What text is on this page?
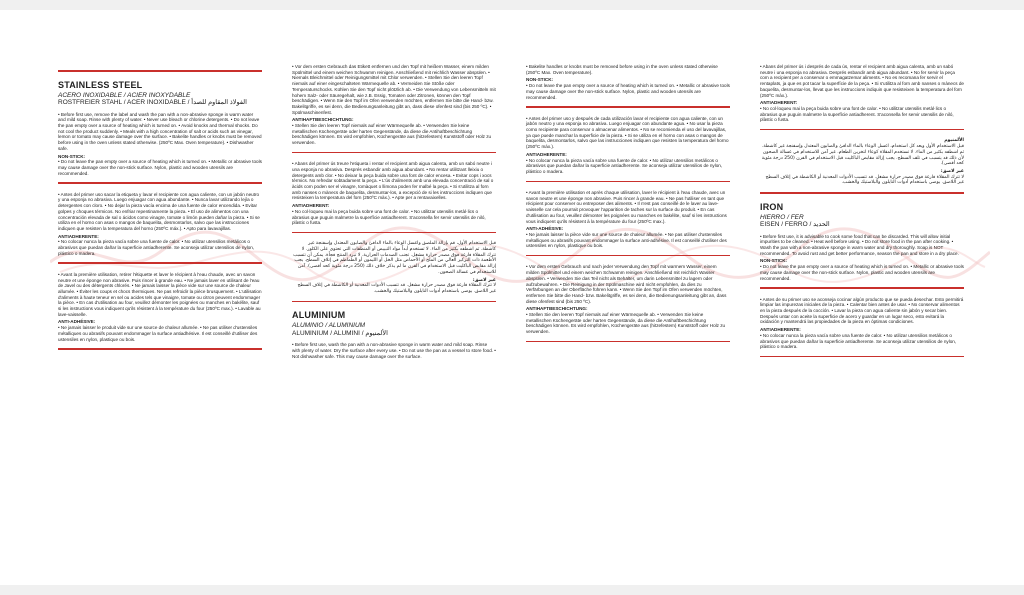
STAINLESS STEEL
ACERO INOXIDABLE / ACIER INOXYDABLE
ROSTFREIER STAHL / ACER INOXIDABLE / الفولاذ المقاوم للصدأ

• Before first use, remove the label and wash the pan with a non-abrasive sponge in warm water and mild soap. Rinse with plenty of water. • Never use bleach or chlorine detergents. • Do not leave the pan empty over a source of heating which is turned on. • Avoid knocks and thermal shocks. Do not cool the product suddenly. • Meals with a high concentration of salt or acids such as vinegar, lemon or tomato may cause damage over the surface. • Bakelite handles or knobs must be removed before using in the oven unless stated otherwise. (250ºC Max. Oven temperature). • Dishwasher safe.

NON-STICK:

• Do not leave the pan empty over a source of heating which is turned on. • Metallic or abrasive tools may cause damage over the non-stick surface. Nylon, plastic and wooden utensils are recommended.

• Antes del primer uso sacar la etiqueta y lavar el recipiente con agua caliente, con un jabón neutro y una esponja no abrasiva. Luego enjuagar con agua abundante. • Nunca lavar utilizando lejía o detergentes con cloro. • No dejar la pieza vacía encima de una fuente de calor encendida. • Evitar golpes y choques térmicos. No enfriar repentinamente la pieza. • El uso de alimentos con una concentración elevada de sal o ácidos como vinagre, tomate o limón pueden dañar la pieza. • Si se utiliza en el horno con asas o mangos de baquelita, desmontarlos, salvo que las instrucciones indiquen que resisten la temperatura del horno (250ºC máx.). • Apto para lavavajillas.

ANTIADHERENTE:

• No colocar nunca la pieza vacía sobre una fuente de calor. • No utilizar utensilios metálicos o abrasivos que puedan dañar la superficie antiadherente. Se aconseja utilizar utensilios de nylon, plástico o madera.

• Avant la première utilisation, retirer l'étiquette et laver le récipient à l'eau chaude, avec un savon neutre et une éponge non abrasive. Puis rincer à grande eau. • Ne jamais laver en utilisant de l'eau de Javel ou des détergents chlorés. • Ne jamais laisser la pièce vide sur une source de chaleur allumée. • Éviter les coups et chocs thermiques. Ne pas refroidir la pièce brusquement. • L'utilisation d'aliments à haute teneur en sel ou acides tels que vinaigre, tomate ou citron peuvent endommager la pièce. • En cas d'utilisation au four, veuillez démonter les poignées ou manches en bakélite, sauf si les instructions vous indiquent qu'ils résistent à la température du four (250ºC max.). • Lavable au lave-vaisselle.

ANTI-ADHÉSIVE:

• Ne jamais laisser le produit vide sur une source de chaleur allumée. • Ne pas utiliser d'ustensiles métalliques ou abrasifs pouvant endommager la surface antiadhésive. Il est conseillé d'utiliser des ustensiles en nylon, plastique ou bois.

• Vor dem ersten Gebrauch das Etikett entfernen und den Topf mit heißem Wasser, einem milden Spülmittel und einem weichen Schwamm reinigen. Anschließend mit reichlich Wasser abspülen. • Niemals Bleichmittel oder Reinigungsmittel mit Chlor verwenden. • Stellen Sie den leeren Topf niemals auf einer eingeschalteten Wärmequelle ab. • Vermeiden Sie Stöße oder Temperaturschocks. Kühlen Sie den Topf nicht plötzlich ab. • Die Verwendung von Lebensmitteln mit hohem Salz- oder Säuregehalt, wie z.B. Essig, Tomaten oder Zitronen, können den Topf beschädigen. • Wenn Sie den Topf im Ofen verwenden möchten, entfernen Sie bitte die Hand- bzw. Bakelitgriffe, es sei denn, die Bedienungsanleitung gibt an, dass diese ofenfest sind (bis 250 ºC). • Spülmaschinenfest.

ANTIHAFTBESCHICHTUNG:

• Stellen Sie den leeren Topf niemals auf einer Wärmequelle ab. • Verwenden Sie keine metallischen Küchengeräte oder harten Gegenstände, da diese die Antihaftbeschichtung beschädigen können. Es wird empfohlen, Küchengeräte aus (hitzefestem) Kunststoff oder Holz zu verwenden.

• Abans del primer ús treure l'etiqueta i rentar el recipient amb aigua calenta, amb un sabó neutre i una esponja no abrasiva. Després esbandir amb aigua abundant. • No rentar utilitzant lleixiu o detergents amb clor. • No deixar la peça buida sobre una font de calor encesa. • Evitar cops i xocs tèrmics. No refredar sobtadament la peça. • L'ús d'aliments amb una elevada concentració de sal o àcids com poden ser el vinagre, tomàquet o llimona poden fer malbé la peça. • Si s'utilitza al forn amb nanses o mànecs de baquelita, desmuntar-los, a excepció de si les instruccions indiquen que resisteixen la temperatura del forn (250ºC màx.). • Apte per a rentavaixelles.

ANTIADHERENT:

• No col·loqueu mai la peça buida sobre una font de calor. • No utilitzar utensilis metàl·lics o abrasius que puguin malmetre la superfície antiadherent. S'aconsella fer servir utensilis de niló, plàstic o fusta.

قبل الاستخدام الأول، قم بإزالة الملصق واغسل الوعاء بالماء الدافئ والصابون المعتدل وإسفنجة غير كاشطة. ثم اشطفه بكثير من الماء. لا تستخدم أبداً مواد التبييض أو المنظفات التي تحتوي على الكلور. لا تترك المقلاة فارغة فوق مصدر حرارة مشغل. تجنب الصدمات الحرارية. لا تبرد المنتج فجأة. يمكن أن تتسبب الأطعمة ذات التركيز العالي من الملح أو الأحماض مثل الخل أو الليمون أو الطماطم في إتلاف السطح. يجب إزالة مقابض الباكليت قبل الاستخدام في الفرن ما لم يذكر خلاف ذلك (250 درجة مئوية كحد أقصى). آمن للاستخدام في غسالة الصحون.

غير لاصق:

لا تترك المقلاة فارغة فوق مصدر حرارة مشغل. قد تتسبب الأدوات المعدنية أو الكاشطة في إتلاف السطح غير اللاصق. يوصى باستخدام أدوات النايلون والبلاستيك والخشب.

ALUMINIUM
ALUMINIO / ALUMINIUM
ALUMINIUM / ALUMINI / الألمنيوم

• Before first use, wash the pan with a non-abrasive sponge in warm water and mild soap. Rinse with plenty of water. Dry the surface after every use. • Do not use the pan as a vessel to store food. • Not dishwasher safe. This may cause damage over the surface.

• Bakelite handles or knobs must be removed before using in the oven unless stated otherwise (250ºC Max. Oven temperature).

NON-STICK:

• Do not leave the pan empty over a source of heating which is turned on. • Metallic or abrasive tools may cause damage over the non-stick surface. Nylon, plastic and wooden utensils are recommended.

• Antes del primer uso y después de cada utilización lavar el recipiente con agua caliente, con un jabón neutro y una esponja no abrasiva. Luego enjuagar con abundante agua. • No usar la pieza como recipiente para conservar o almacenar alimentos. • No se recomienda el uso del lavavajillas, ya que puede manchar la superficie de la pieza. • Si se utiliza en el horno con asas o mangos de baquelita, desmontarlos, salvo que las instrucciones indiquen que resisten la temperatura del horno (250ºC máx.).

ANTIADHERENTE:

• No colocar nunca la pieza vacía sobre una fuente de calor. • No utilizar utensilios metálicos o abrasivos que puedan dañar la superficie antiadherente. Se aconseja utilizar utensilios de nylon, plástico o madera.

• Avant la première utilisation et après chaque utilisation, laver le récipient à l'eau chaude, avec un savon neutre et une éponge non abrasive. Puis rincer à grande eau. • Ne pas l'utiliser en tant que récipient pour conserver ou entreposer des aliments. • Il n'est pas conseillé de le laver au lave-vaisselle car cela pourrait provoquer l'apparition de taches sur la surface du produit. • En cas d'utilisation au four, veuillez démonter les poignées ou manches en bakélite, sauf si les instructions vous indiquent qu'ils résistent à la température du four (250ºC max.).

ANTI-ADHÉSIVE:

• Ne jamais laisser la pièce vide sur une source de chaleur allumée. • Ne pas utiliser d'ustensiles métalliques ou abrasifs pouvant endommager la surface anti-adhésive. Il est conseillé d'utiliser des ustensiles en nylon, plastique ou bois.

• Vor dem ersten Gebrauch und nach jeder Verwendung den Topf mit warmem Wasser, einem milden Spülmittel und einem weichen Schwamm reinigen. Anschließend mit reichlich Wasser abspülen. • Verwenden Sie das Teil nicht als Behälter, um darin Lebensmittel zu lagern oder aufzubewahren. • Die Reinigung in der Spülmaschine wird nicht empfohlen, da dies zu Verfärbungen an der Oberfläche führen kann. • Wenn Sie den Topf im Ofen verwenden möchten, entfernen Sie bitte die Hand- bzw. Bakelitgriffe, es sei denn, die Bedienungsanleitung gibt an, dass diese ofenfest sind (bis 250 ºC).

ANTIHAFTBESCHICHTUNG:

• Stellen Sie den leeren Topf niemals auf einer Wärmequelle ab. • Verwenden Sie keine metallischen Küchengeräte oder harten Gegenstände, da diese die Antihaftbeschichtung beschädigen können. Es wird empfohlen, Küchengeräte aus (hitzefestem) Kunststoff oder Holz zu verwenden.

• Abans del primer ús i després de cada ús, rentar el recipient amb aigua calenta, amb un sabó neutre i una esponja no abrasiva. Després esbandir amb aigua abundant. • No fer servir la peça com a recipient per a conservar o emmagatzemar aliments. • No es recomana fer servir el rentaplats, ja que es pot tacar la superfície de la peça. • Si s'utilitza al forn amb nanses o mànecs de baquelita, desmuntar-los, llevat que les instruccions indiquin que resisteixen la temperatura del forn (250ºC màx.).

ANTIADHERENT:

• No col·loqueu mai la peça buida sobre una font de calor. • No utilitzar utensilis metàl·lics o abrasius que puguin malmetre la superfície antiadherent. S'aconsella fer servir utensilis de niló, plàstic o fusta.

الألمنيوم

قبل الاستخدام الأول وبعد كل استخدام، اغسل الوعاء بالماء الدافئ والصابون المعتدل وإسفنجة غير كاشطة. ثم اشطفه بكثير من الماء. لا تستخدم المقلاة كوعاء لتخزين الطعام. غير آمن للاستخدام في غسالة الصحون لأن ذلك قد يتسبب في تلف السطح. يجب إزالة مقابض الباكليت قبل الاستخدام في الفرن (250 درجة مئوية كحد أقصى).

غير لاصق:

لا تترك المقلاة فارغة فوق مصدر حرارة مشغل. قد تتسبب الأدوات المعدنية أو الكاشطة في إتلاف السطح غير اللاصق. يوصى باستخدام أدوات النايلون والبلاستيك والخشب.

IRON
HIERRO / FER
EISEN / FERRO / الحديد

• Before first use, it is advisable to cook some food that can be discarded. This will allow initial impurities to be cleaned. • Heat well before using. • Do not store food in the pan after cooking. • Wash the pan with a non-abrasive sponge in warm water and dry thoroughly. Soap is NOT recommended. To avoid rust and get better performance, season the pan and store in a dry place.

NON-STICK:

• Do not leave the pan empty over a source of heating which is turned on. • Metallic or abrasive tools may cause damage over the non-stick surface. Nylon, plastic and wooden utensils are recommended.

• Antes de su primer uso se aconseja cocinar algún producto que se pueda desechar. Esto permitirá limpiar las impurezas iniciales de la pieza. • Calentar bien antes de usar. • No conservar alimentos en la pieza después de la cocción. • Lavar la pieza con agua caliente sin jabón y secar bien. Después untar con aceite la superficie de acero y guardar en un lugar seco, esto evitará la oxidación y mantendrá las propiedades de la pieza en óptimas condiciones.

ANTIADHERENTE:

• No colocar nunca la pieza vacía sobre una fuente de calor. • No utilizar utensilios metálicos o abrasivos que puedan dañar la superficie antiadherente. Se aconseja utilizar utensilios de nylon, plástico o madera.
